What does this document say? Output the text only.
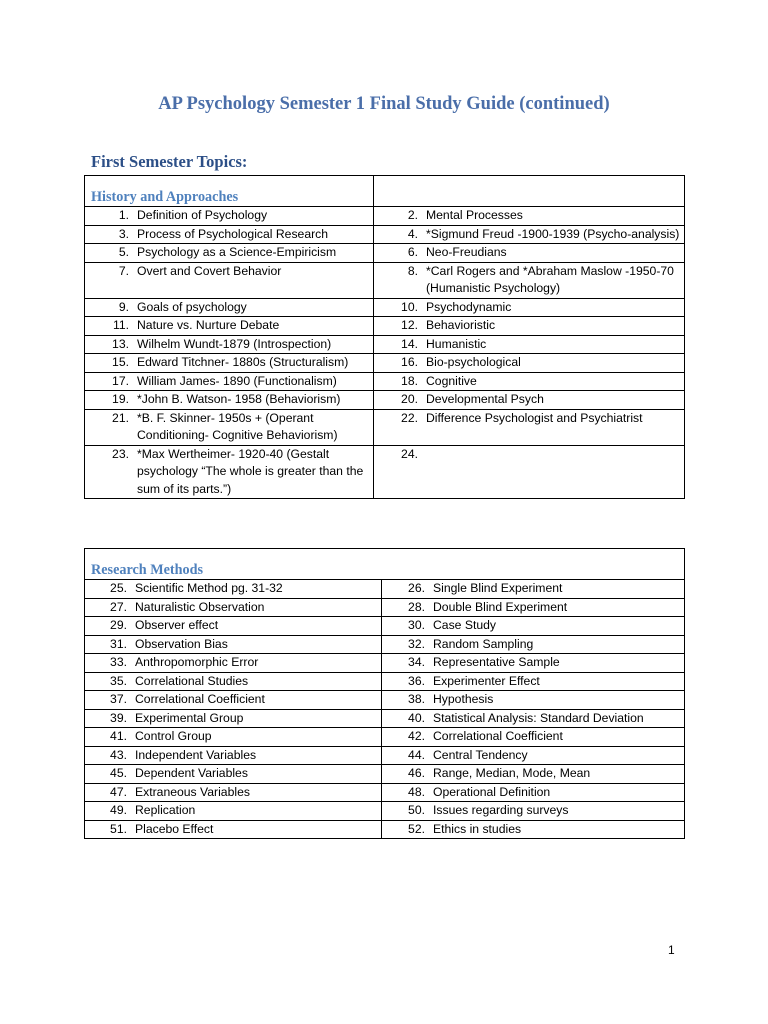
AP Psychology Semester 1 Final Study Guide (continued)
First Semester Topics:
History and Approaches	

1. Definition of Psychology	2. Mental Processes

3. Process of Psychological Research	4. *Sigmund Freud -1900-1939 (Psycho-analysis)

5. Psychology as a Science-Empiricism	6. Neo-Freudians

7. Overt and Covert Behavior	8. *Carl Rogers and *Abraham Maslow -1950-70 (Humanistic Psychology)

9. Goals of psychology	10. Psychodynamic

11. Nature vs. Nurture Debate	12. Behavioristic

13. Wilhelm Wundt-1879 (Introspection)	14. Humanistic

15. Edward Titchner- 1880s (Structuralism)	16. Bio-psychological

17. William James- 1890 (Functionalism)	18. Cognitive

19. *John B. Watson- 1958 (Behaviorism)	20. Developmental Psych

21. *B. F. Skinner- 1950s + (Operant Conditioning- Cognitive Behaviorism)	22. Difference Psychologist and Psychiatrist

23. *Max Wertheimer- 1920-40 (Gestalt psychology “The whole is greater than the sum of its parts.”)	24.
Research Methods	

25. Scientific Method pg. 31-32	26. Single Blind Experiment

27. Naturalistic Observation	28. Double Blind Experiment

29. Observer effect	30. Case Study

31. Observation Bias	32. Random Sampling

33. Anthropomorphic Error	34. Representative Sample

35. Correlational Studies	36. Experimenter Effect

37. Correlational Coefficient	38. Hypothesis

39. Experimental Group	40. Statistical Analysis: Standard Deviation

41. Control Group	42. Correlational Coefficient

43. Independent Variables	44. Central Tendency

45. Dependent Variables	46. Range, Median, Mode, Mean

47. Extraneous Variables	48. Operational Definition

49. Replication	50. Issues regarding surveys

51. Placebo Effect	52. Ethics in studies
1
